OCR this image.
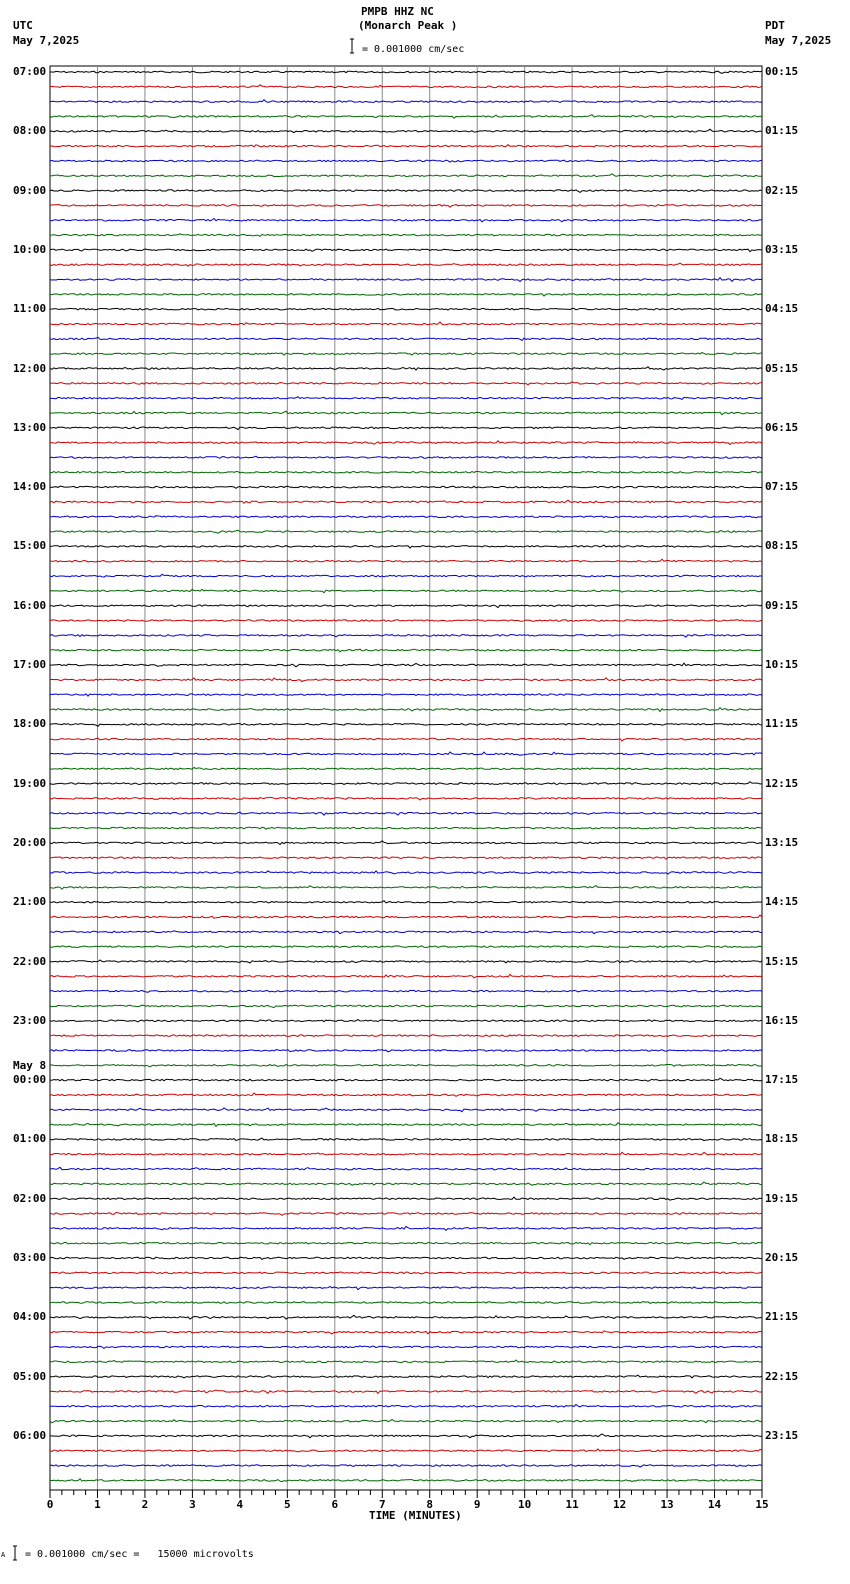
0	1	2	3	4	5	6	7	8	9	10	11	12	13	14	15
PMPB HHZ NC
(Monarch Peak )
= 0.001000 cm/sec
UTC
May 7,2025
PDT
May 7,2025
TIME (MINUTES)
A = 0.001000 cm/sec =   15000 microvolts
07:00
08:00
09:00
10:00
11:00
12:00
13:00
14:00
15:00
16:00
17:00
18:00
19:00
20:00
21:00
22:00
23:00
00:00
May 8
01:00
02:00
03:00
04:00
05:00
06:00
00:15
01:15
02:15
03:15
04:15
05:15
06:15
07:15
08:15
09:15
10:15
11:15
12:15
13:15
14:15
15:15
16:15
17:15
18:15
19:15
20:15
21:15
22:15
23:15
